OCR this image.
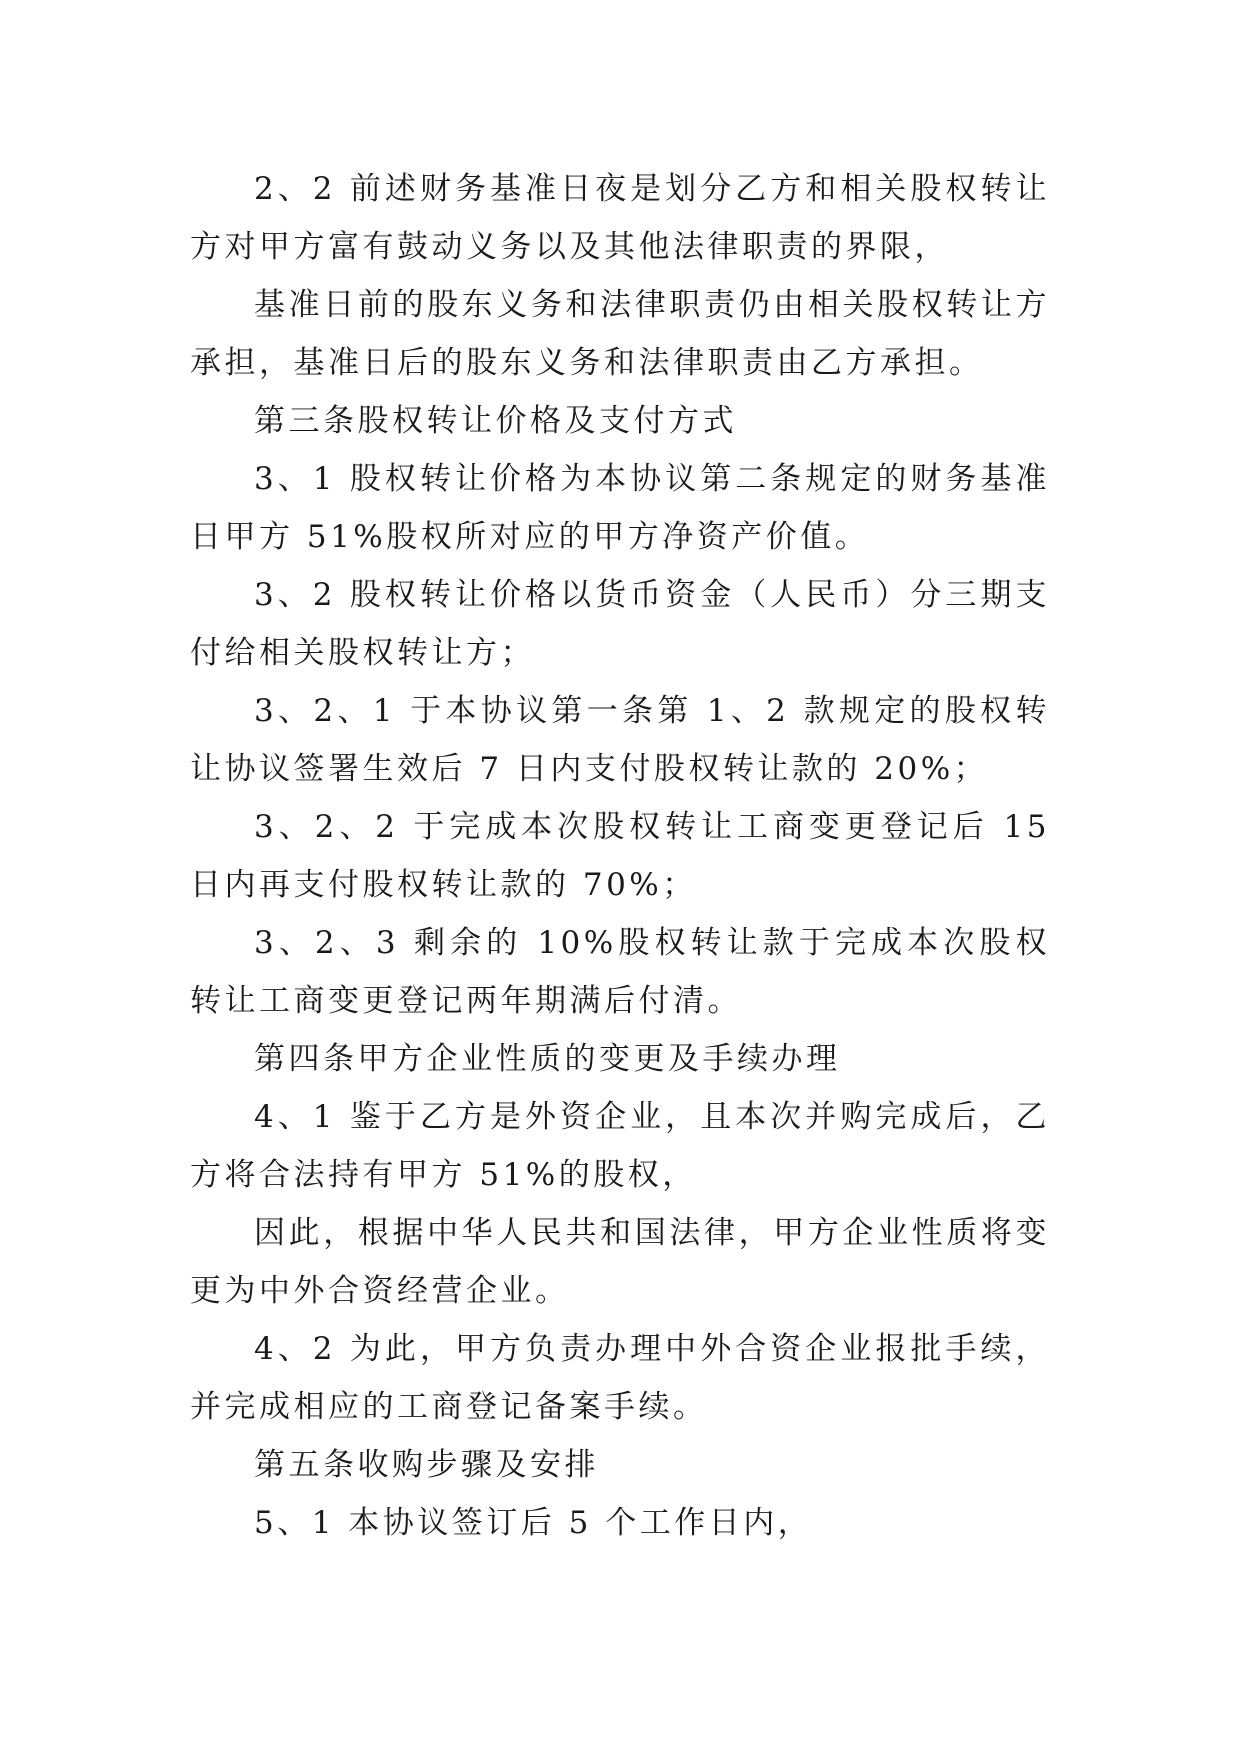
2、2 前述财务基准日夜是划分乙方和相关股权转让方对甲方富有鼓动义务以及其他法律职责的界限，

基准日前的股东义务和法律职责仍由相关股权转让方承担，基准日后的股东义务和法律职责由乙方承担。

第三条股权转让价格及支付方式

3、1 股权转让价格为本协议第二条规定的财务基准日甲方 51%股权所对应的甲方净资产价值。

3、2 股权转让价格以货币资金（人民币）分三期支付给相关股权转让方；

3、2、1 于本协议第一条第 1、2 款规定的股权转让协议签署生效后 7 日内支付股权转让款的 20%；

3、2、2 于完成本次股权转让工商变更登记后 15 日内再支付股权转让款的 70%；

3、2、3 剩余的 10%股权转让款于完成本次股权转让工商变更登记两年期满后付清。

第四条甲方企业性质的变更及手续办理

4、1 鉴于乙方是外资企业，且本次并购完成后，乙方将合法持有甲方 51%的股权，

因此，根据中华人民共和国法律，甲方企业性质将变更为中外合资经营企业。

4、2 为此，甲方负责办理中外合资企业报批手续，并完成相应的工商登记备案手续。

第五条收购步骤及安排

5、1 本协议签订后 5 个工作日内，
